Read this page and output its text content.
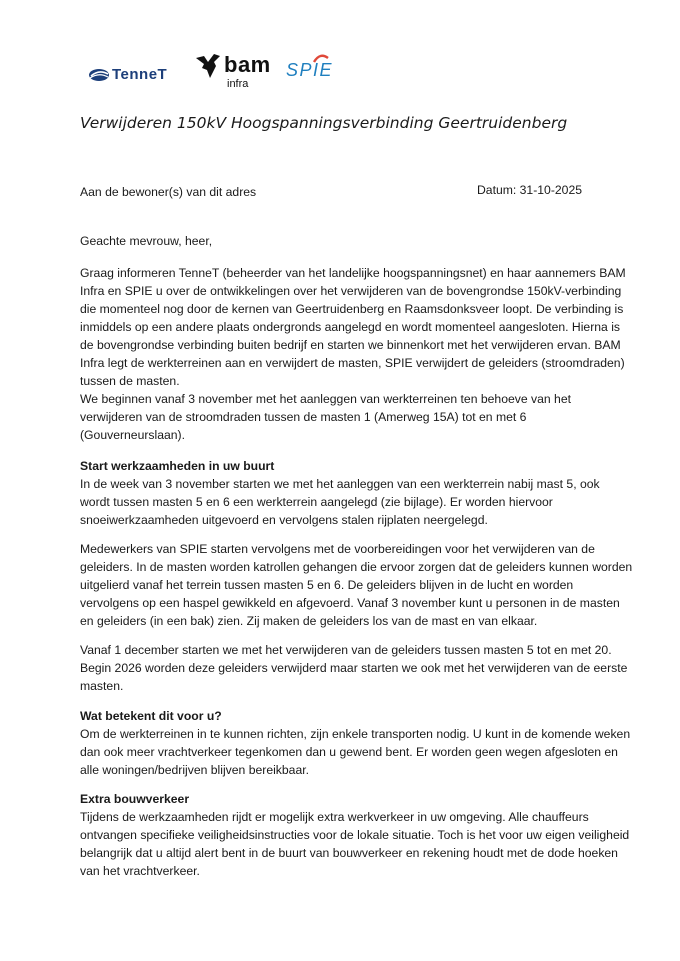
TenneT	bam
infra
SPIE
Verwijderen 150kV Hoogspanningsverbinding Geertruidenberg
Aan de bewoner(s) van dit adres	Datum: 31-10-2025
Geachte mevrouw, heer,
Graag informeren TenneT (beheerder van het landelijke hoogspanningsnet) en haar aannemers BAM
Infra en SPIE u over de ontwikkelingen over het verwijderen van de bovengrondse 150kV-verbinding
die momenteel nog door de kernen van Geertruidenberg en Raamsdonksveer loopt. De verbinding is
inmiddels op een andere plaats ondergronds aangelegd en wordt momenteel aangesloten. Hierna is
de bovengrondse verbinding buiten bedrijf en starten we binnenkort met het verwijderen ervan. BAM
Infra legt de werkterreinen aan en verwijdert de masten, SPIE verwijdert de geleiders (stroomdraden)
tussen de masten.
We beginnen vanaf 3 november met het aanleggen van werkterreinen ten behoeve van het
verwijderen van de stroomdraden tussen de masten 1 (Amerweg 15A) tot en met 6
(Gouverneurslaan).
Start werkzaamheden in uw buurt
In de week van 3 november starten we met het aanleggen van een werkterrein nabij mast 5, ook
wordt tussen masten 5 en 6 een werkterrein aangelegd (zie bijlage). Er worden hiervoor
snoeiwerkzaamheden uitgevoerd en vervolgens stalen rijplaten neergelegd.
Medewerkers van SPIE starten vervolgens met de voorbereidingen voor het verwijderen van de
geleiders. In de masten worden katrollen gehangen die ervoor zorgen dat de geleiders kunnen worden
uitgelierd vanaf het terrein tussen masten 5 en 6. De geleiders blijven in de lucht en worden
vervolgens op een haspel gewikkeld en afgevoerd. Vanaf 3 november kunt u personen in de masten
en geleiders (in een bak) zien. Zij maken de geleiders los van de mast en van elkaar.
Vanaf 1 december starten we met het verwijderen van de geleiders tussen masten 5 tot en met 20.
Begin 2026 worden deze geleiders verwijderd maar starten we ook met het verwijderen van de eerste
masten.
Wat betekent dit voor u?
Om de werkterreinen in te kunnen richten, zijn enkele transporten nodig. U kunt in de komende weken
dan ook meer vrachtverkeer tegenkomen dan u gewend bent. Er worden geen wegen afgesloten en
alle woningen/bedrijven blijven bereikbaar.
Extra bouwverkeer
Tijdens de werkzaamheden rijdt er mogelijk extra werkverkeer in uw omgeving. Alle chauffeurs
ontvangen specifieke veiligheidsinstructies voor de lokale situatie. Toch is het voor uw eigen veiligheid
belangrijk dat u altijd alert bent in de buurt van bouwverkeer en rekening houdt met de dode hoeken
van het vrachtverkeer.
